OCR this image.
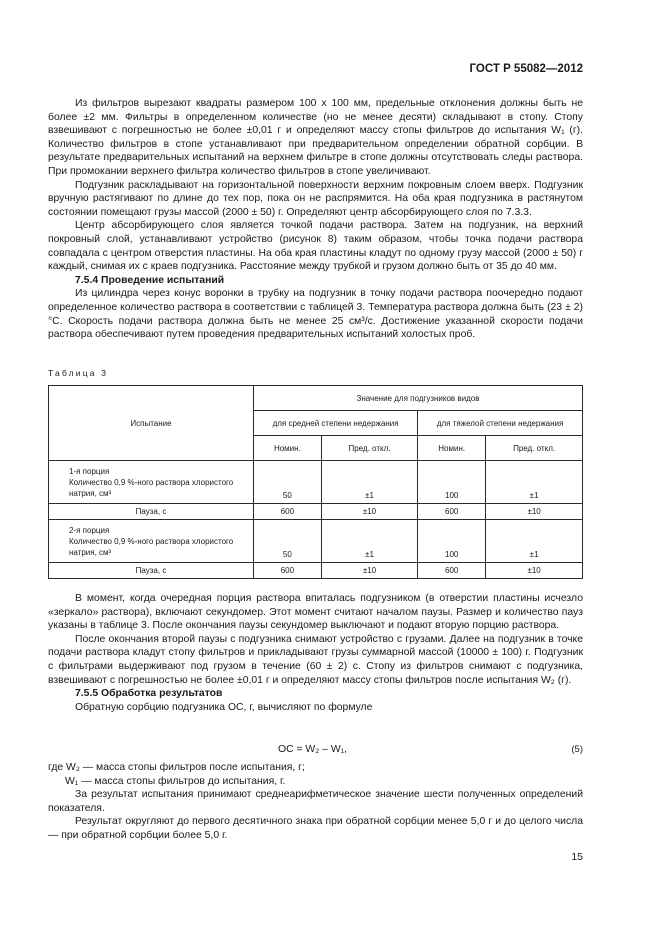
ГОСТ Р 55082—2012

Из фильтров вырезают квадраты размером 100 х 100 мм, предельные отклонения должны быть не более ±2 мм. Фильтры в определенном количестве (но не менее десяти) складывают в стопу. Стопу взвешивают с погрешностью не более ±0,01 г и определяют массу стопы фильтров до испытания W₁ (г). Количество фильтров в стопе устанавливают при предварительном определении обратной сорбции. В результате предварительных испытаний на верхнем фильтре в стопе должны отсутствовать следы раствора. При промокании верхнего фильтра количество фильтров в стопе увеличивают.

Подгузник раскладывают на горизонтальной поверхности верхним покровным слоем вверх. Подгузник вручную растягивают по длине до тех пор, пока он не распрямится. На оба края подгузника в растянутом состоянии помещают грузы массой (2000 ± 50) г. Определяют центр абсорбирующего слоя по 7.3.3.

Центр абсорбирующего слоя является точкой подачи раствора. Затем на подгузник, на верхний покровный слой, устанавливают устройство (рисунок 8) таким образом, чтобы точка подачи раствора совпадала с центром отверстия пластины. На оба края пластины кладут по одному грузу массой (2000 ± 50) г каждый, снимая их с краев подгузника. Расстояние между трубкой и грузом должно быть от 35 до 40 мм.

7.5.4 Проведение испытаний

Из цилиндра через конус воронки в трубку на подгузник в точку подачи раствора поочередно подают определенное количество раствора в соответствии с таблицей 3. Температура раствора должна быть (23 ± 2) °С. Скорость подачи раствора должна быть не менее 25 см³/с. Достижение указанной скорости подачи раствора обеспечивают путем проведения предварительных испытаний холостых проб.

Таблица 3
Испытание	Значение для подгузников видов			
	для средней степени недержания		для тяжелой степени недержания	
	Номин.	Пред. откл.	Номин.	Пред. откл.
1-я порция
Количество 0,9 %-ного раствора хлористого натрия, см³	50	±1	100	±1
Пауза, с	600	±10	600	±10
2-я порция
Количество 0,9 %-ного раствора хлористого натрия, см³	50	±1	100	±1
Пауза, с	600	±10	600	±10

В момент, когда очередная порция раствора впиталась подгузником (в отверстии пластины исчезло «зеркало» раствора), включают секундомер. Этот момент считают началом паузы. Размер и количество пауз указаны в таблице 3. После окончания паузы секундомер выключают и подают вторую порцию раствора.

После окончания второй паузы с подгузника снимают устройство с грузами. Далее на подгузник в точке подачи раствора кладут стопу фильтров и прикладывают грузы суммарной массой (10000 ± 100) г. Подгузник с фильтрами выдерживают под грузом в течение (60 ± 2) с. Стопу из фильтров снимают с подгузника, взвешивают с погрешностью не более ±0,01 г и определяют массу стопы фильтров после испытания W₂ (г).

7.5.5 Обработка результатов

Обратную сорбцию подгузника ОС, г, вычисляют по формуле

ОС = W₂ – W₁,	(5)

где W₂ — масса стопы фильтров после испытания, г;

W₁ — масса стопы фильтров до испытания, г.

За результат испытания принимают среднеарифметическое значение шести полученных определений показателя.

Результат округляют до первого десятичного знака при обратной сорбции менее 5,0 г и до целого числа — при обратной сорбции более 5,0 г.

15
